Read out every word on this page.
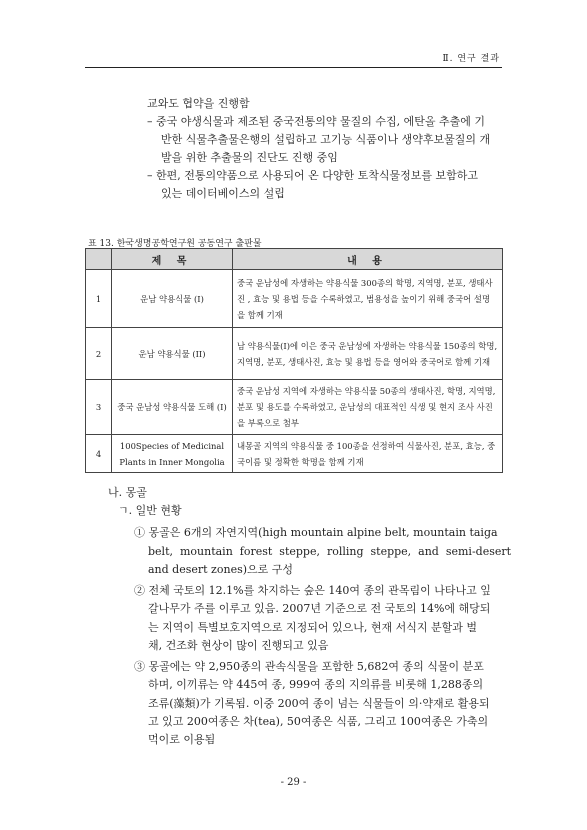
Ⅱ. 연구 결과
교와도 협약을 진행함
– 중국 야생식물과 제조된 중국전통의약 물질의 수집, 에탄올 추출에 기
반한 식물추출물은행의 설립하고 고기능 식품이나 생약후보물질의 개
발을 위한 추출물의 진단도 진행 중임
– 한편, 전통의약품으로 사용되어 온 다양한 토착식물정보를 보함하고
있는 데이터베이스의 설립
표 13. 한국생명공학연구원 공동연구 출판물
	제 목	내 용
1	운남 약용식물 (I)	중국 운남성에 자생하는 약용식물 300종의 학명, 지역명, 분포, 생태사진 , 효능 및 용법 등을 수록하였고, 범용성을 높이기 위해 중국어 설명을 함께 기재
2	운남 약용식물 (II)	남 약용식물(I)에 이은 중국 운남성에 자생하는 약용식물 150종의 학명, 지역명, 분포, 생태사진, 효능 및 용법 등을 영어와 중국어로 함께 기재
3	중국 운남성 약용식물 도해 (I)	중국 운남성 지역에 자생하는 약용식물 50종의 생태사진, 학명, 지역명, 분포 및 용도를 수록하였고, 운남성의 대표적인 식생 및 현지 조사 사진을 부록으로 첨부
4	100Species of Medicinal Plants in Inner Mongolia	내몽골 지역의 약용식물 중 100종을 선정하여 식물사진, 분포, 효능, 중국이름 및 정확한 학명을 함께 기재
나. 몽골
ㄱ. 일반 현황
① 몽골은 6개의 자연지역(high mountain alpine belt, mountain taiga
belt,  mountain  forest  steppe,  rolling  steppe,  and  semi-desert
and desert zones)으로 구성
② 전체 국토의 12.1%를 차지하는 숲은 140여 종의 관목림이 나타나고 잎
갈나무가 주를 이루고 있음. 2007년 기준으로 전 국토의 14%에 해당되
는 지역이 특별보호지역으로 지정되어 있으나, 현재 서식지 분할과 벌
채, 건조화 현상이 많이 진행되고 있음
③ 몽골에는 약 2,950종의 관속식물을 포함한 5,682여 종의 식물이 분포
하며, 이끼류는 약 445여 종, 999여 종의 지의류를 비롯해 1,288종의
조류(藻類)가 기록됨. 이중 200여 종이 넘는 식물들이 의·약재로 활용되
고 있고 200여종은 차(tea), 50여종은 식품, 그리고 100여종은 가축의
먹이로 이용됨
- 29 -
